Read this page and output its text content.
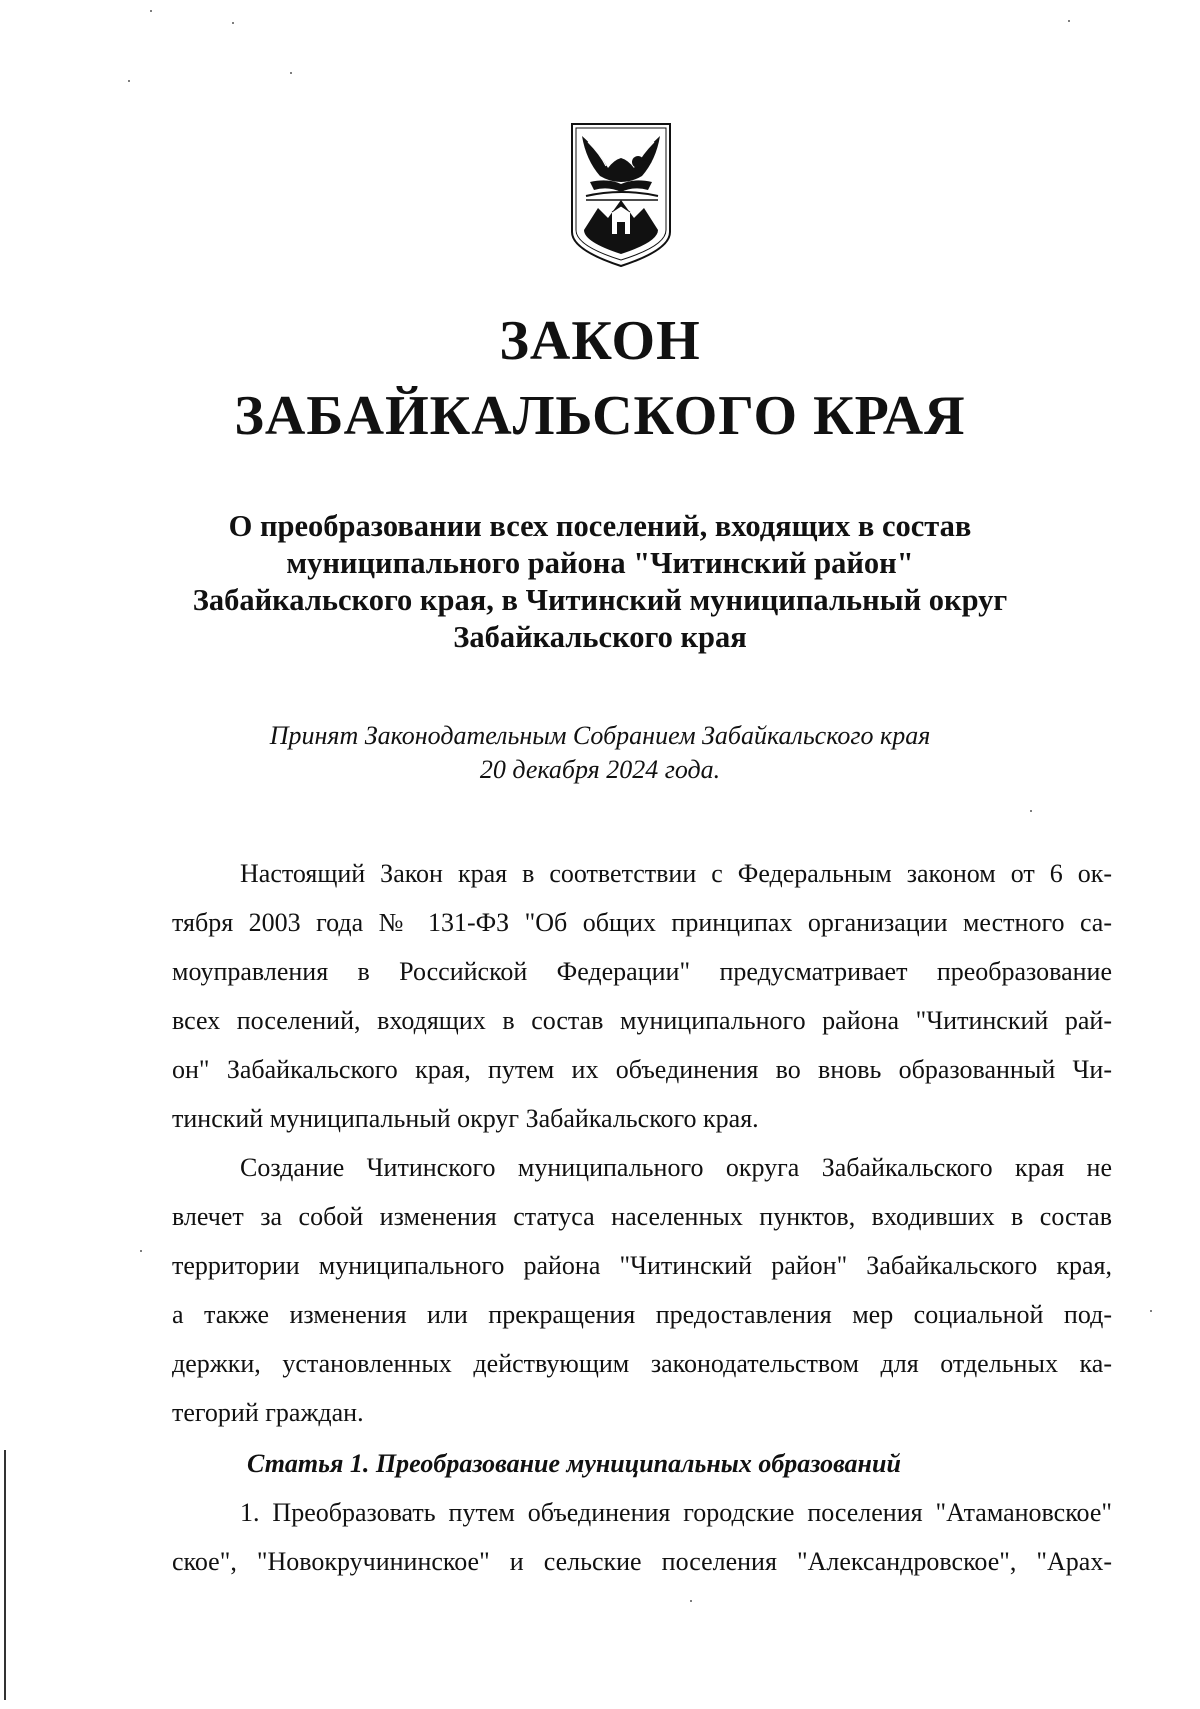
ЗАКОН
ЗАБАЙКАЛЬСКОГО КРАЯ
О преобразовании всех поселений, входящих в состав
муниципального района "Читинский район"
Забайкальского края, в Читинский муниципальный округ
Забайкальского края
Принят Законодательным Собранием Забайкальского края
20 декабря 2024 года.
Настоящий Закон края в соответствии с Федеральным законом от 6 ок-
тября 2003 года № 131-ФЗ "Об общих принципах организации местного са-
моуправления в Российской Федерации" предусматривает преобразование
всех поселений, входящих в состав муниципального района "Читинский рай-
он" Забайкальского края, путем их объединения во вновь образованный Чи-
тинский муниципальный округ Забайкальского края.
Создание Читинского муниципального округа Забайкальского края не
влечет за собой изменения статуса населенных пунктов, входивших в состав
территории муниципального района "Читинский район" Забайкальского края,
а также изменения или прекращения предоставления мер социальной под-
держки, установленных действующим законодательством для отдельных ка-
тегорий граждан.
Статья 1. Преобразование муниципальных образований
1. Преобразовать путем объединения городские поселения "Атамановское"
ское", "Новокручининское" и сельские поселения "Александровское", "Арах-
